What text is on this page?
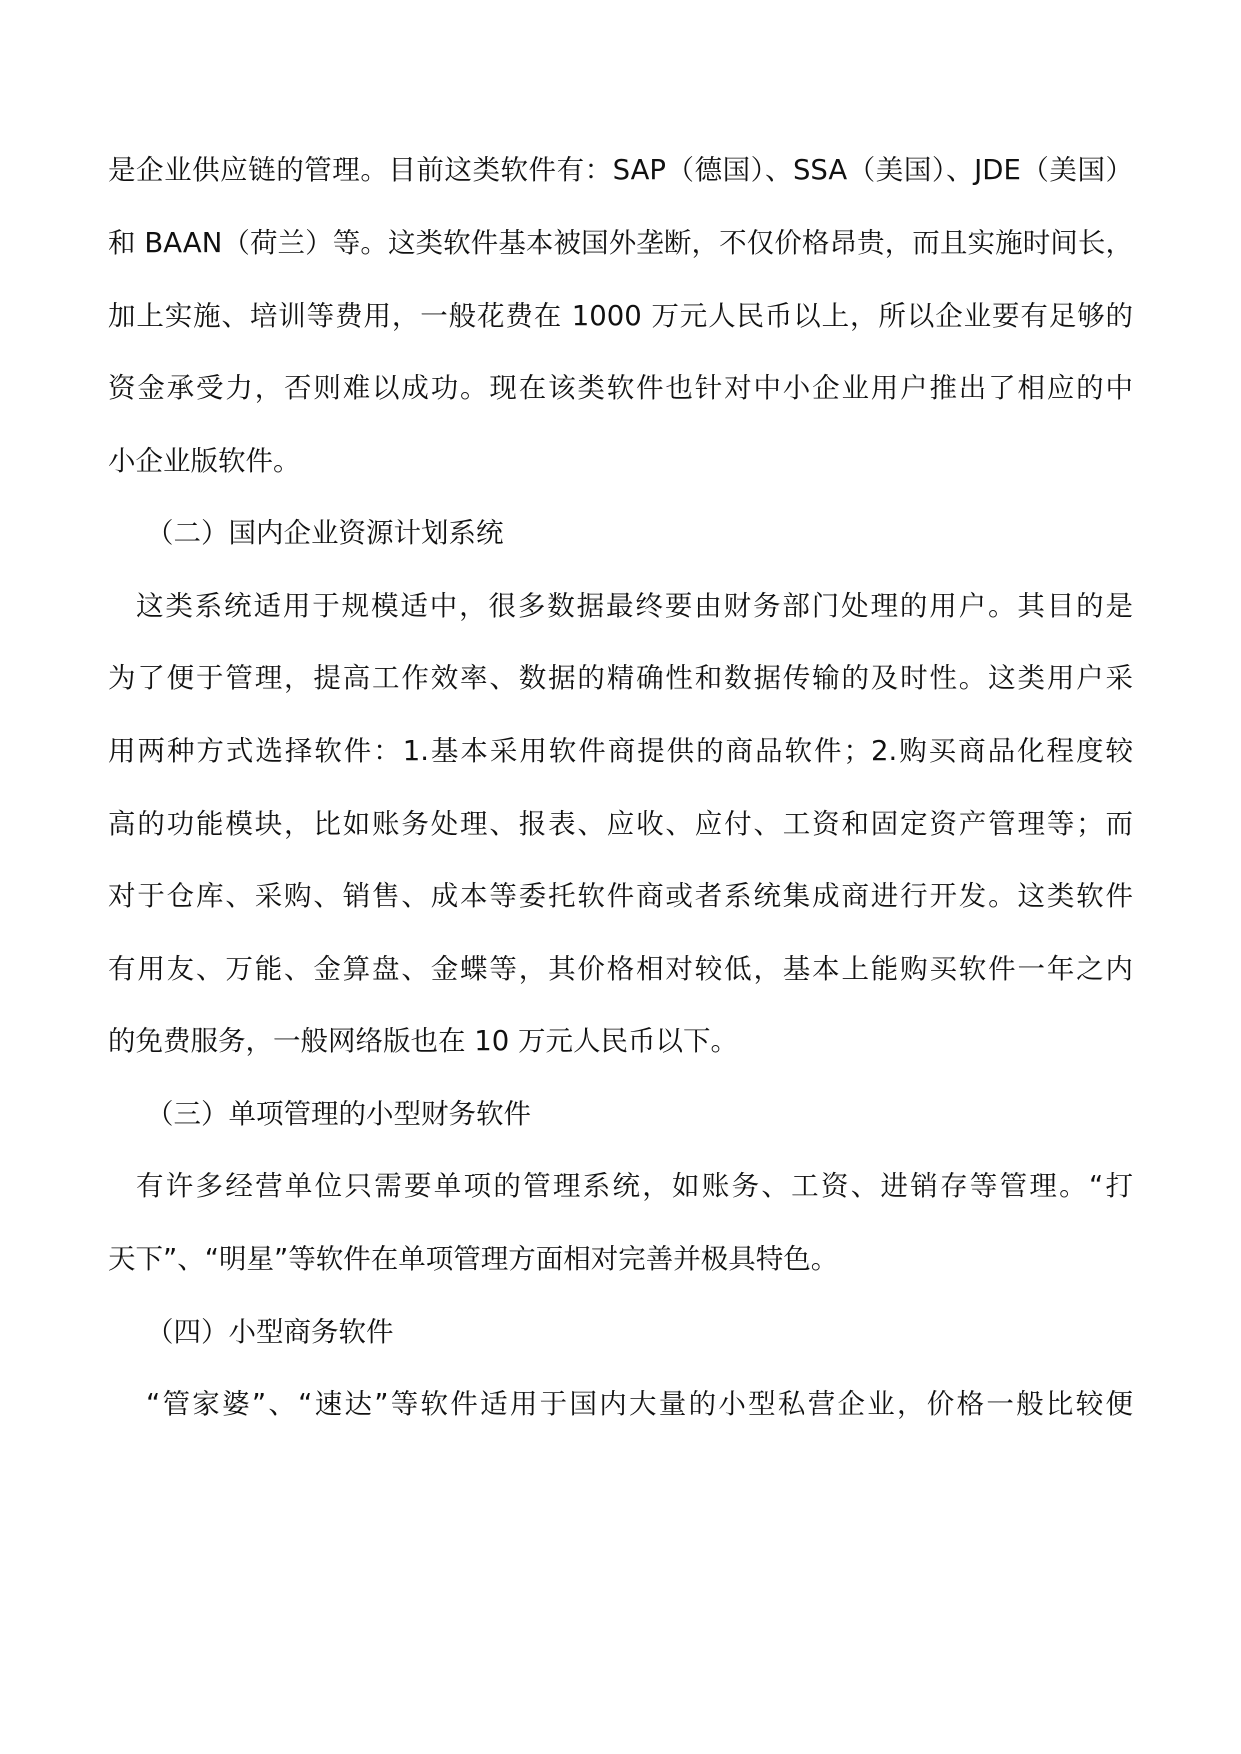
是企业供应链的管理。目前这类软件有：SAP（德国）、SSA（美国）、JDE（美国）
和 BAAN（荷兰）等。这类软件基本被国外垄断，不仅价格昂贵，而且实施时间长，
加上实施、培训等费用，一般花费在 1000 万元人民币以上，所以企业要有足够的
资金承受力，否则难以成功。现在该类软件也针对中小企业用户推出了相应的中
小企业版软件。
（二）国内企业资源计划系统
这类系统适用于规模适中，很多数据最终要由财务部门处理的用户。其目的是
为了便于管理，提高工作效率、数据的精确性和数据传输的及时性。这类用户采
用两种方式选择软件：1.基本采用软件商提供的商品软件；2.购买商品化程度较
高的功能模块，比如账务处理、报表、应收、应付、工资和固定资产管理等；而
对于仓库、采购、销售、成本等委托软件商或者系统集成商进行开发。这类软件
有用友、万能、金算盘、金蝶等，其价格相对较低，基本上能购买软件一年之内
的免费服务，一般网络版也在 10 万元人民币以下。
（三）单项管理的小型财务软件
有许多经营单位只需要单项的管理系统，如账务、工资、进销存等管理。“打
天下”、“明星”等软件在单项管理方面相对完善并极具特色。
（四）小型商务软件
“管家婆”、“速达”等软件适用于国内大量的小型私营企业，价格一般比较便
